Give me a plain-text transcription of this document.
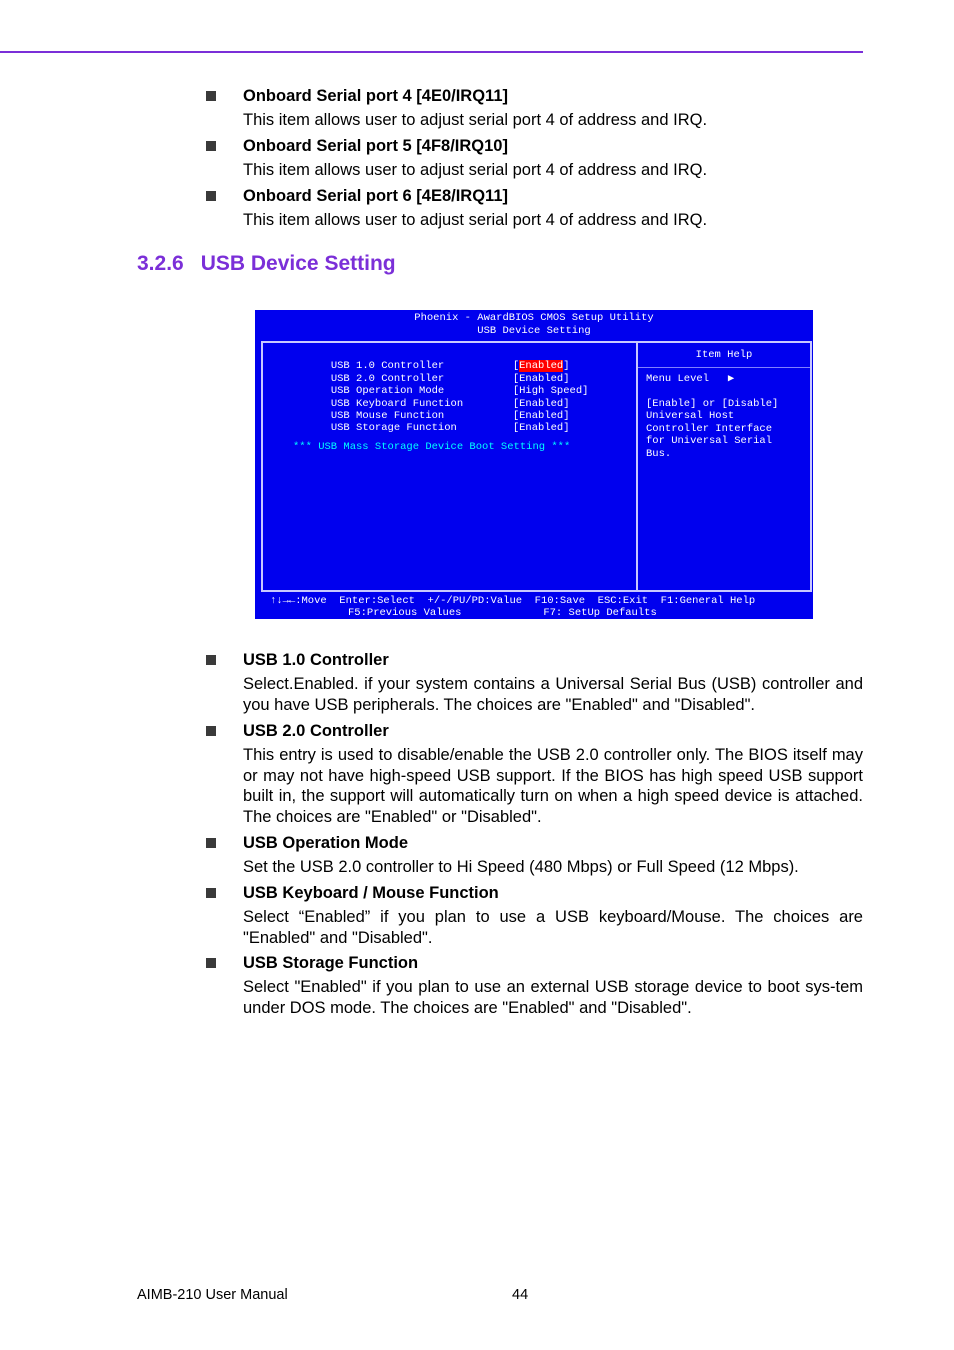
Onboard Serial port 4 [4E0/IRQ11]
This item allows user to adjust serial port 4 of address and IRQ.
Onboard Serial port 5 [4F8/IRQ10]
This item allows user to adjust serial port 4 of address and IRQ.
Onboard Serial port 6 [4E8/IRQ11]
This item allows user to adjust serial port 4 of address and IRQ.
3.2.6 USB Device Setting
Phoenix - AwardBIOS CMOS Setup Utility
USB Device Setting

USB 1.0 Controller	[Enabled]

USB 2.0 Controller	[Enabled]

USB Operation Mode	[High Speed]

USB Keyboard Function	[Enabled]

USB Mouse Function	[Enabled]

USB Storage Function	[Enabled]

*** USB Mass Storage Device Boot Setting ***
Item Help
Menu Level   ▶
[Enable] or [Disable]
Universal Host
Controller Interface
for Universal Serial
Bus.
↑↓→←:Move  Enter:Select  +/-/PU/PD:Value  F10:Save  ESC:Exit  F1:General Help
F5:Previous Values             F7: SetUp Defaults
USB 1.0 Controller
Select.Enabled. if your system contains a Universal Serial Bus (USB) controller and you have USB peripherals. The choices are "Enabled" and "Disabled".
USB 2.0 Controller
This entry is used to disable/enable the USB 2.0 controller only. The BIOS itself may or may not have high-speed USB support. If the BIOS has high speed USB support built in, the support will automatically turn on when a high speed device is attached. The choices are "Enabled" or "Disabled".
USB Operation Mode
Set the USB 2.0 controller to Hi Speed (480 Mbps) or Full Speed (12 Mbps).
USB Keyboard / Mouse Function
Select “Enabled” if you plan to use a USB keyboard/Mouse. The choices are "Enabled" and "Disabled".
USB Storage Function
Select "Enabled" if you plan to use an external USB storage device to boot sys-tem under DOS mode. The choices are "Enabled" and "Disabled".
AIMB-210 User Manual	44
